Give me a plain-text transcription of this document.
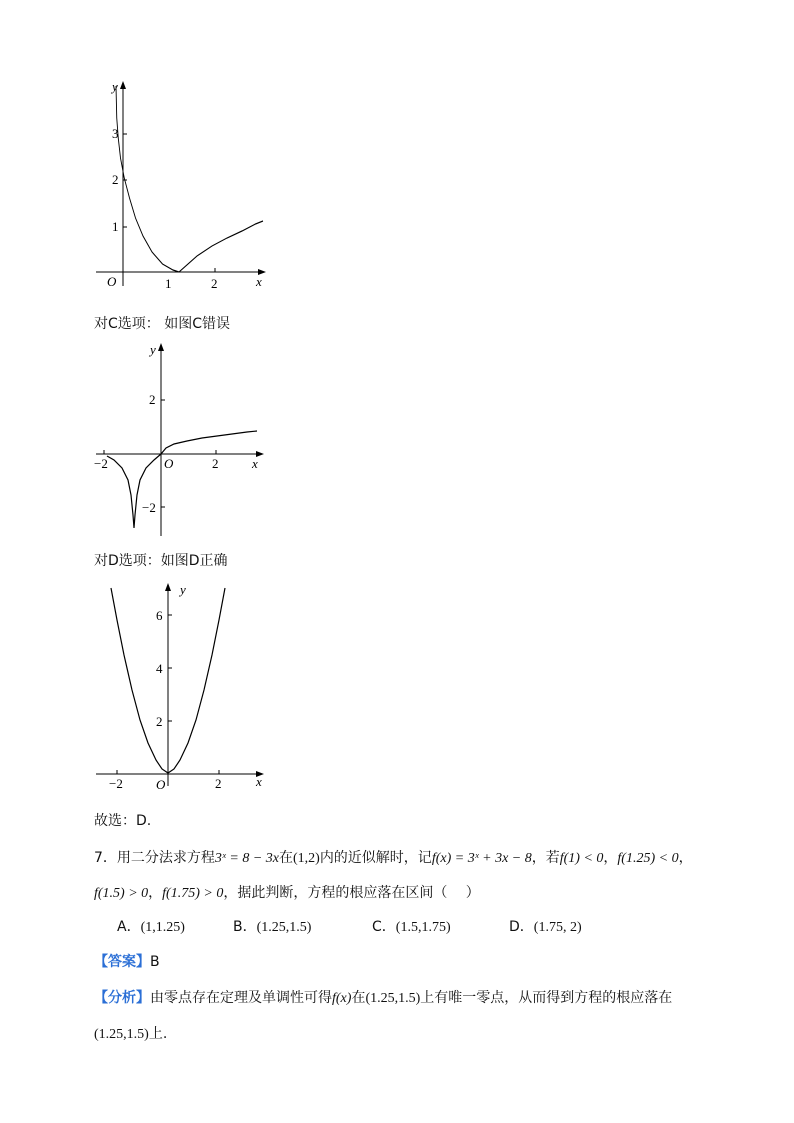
y
3
2
1
O	1	2	x
对C选项： 如图C错误
y
2
−2
−2	O	2	x
对D选项：如图D正确
y
6
4
2
−2	O	2	x
故选：D.
7．用二分法求方程3ˣ = 8 − 3x在(1,2)内的近似解时，记f(x) = 3ˣ + 3x − 8，若f(1) < 0，f(1.25) < 0，
f(1.5) > 0，f(1.75) > 0，据此判断，方程的根应落在区间（　 ）
A．(1,1.25)	B．(1.25,1.5)	C．(1.5,1.75)	D．(1.75, 2)
【答案】B
【分析】由零点存在定理及单调性可得f(x)在(1.25,1.5)上有唯一零点，从而得到方程的根应落在
(1.25,1.5)上.
